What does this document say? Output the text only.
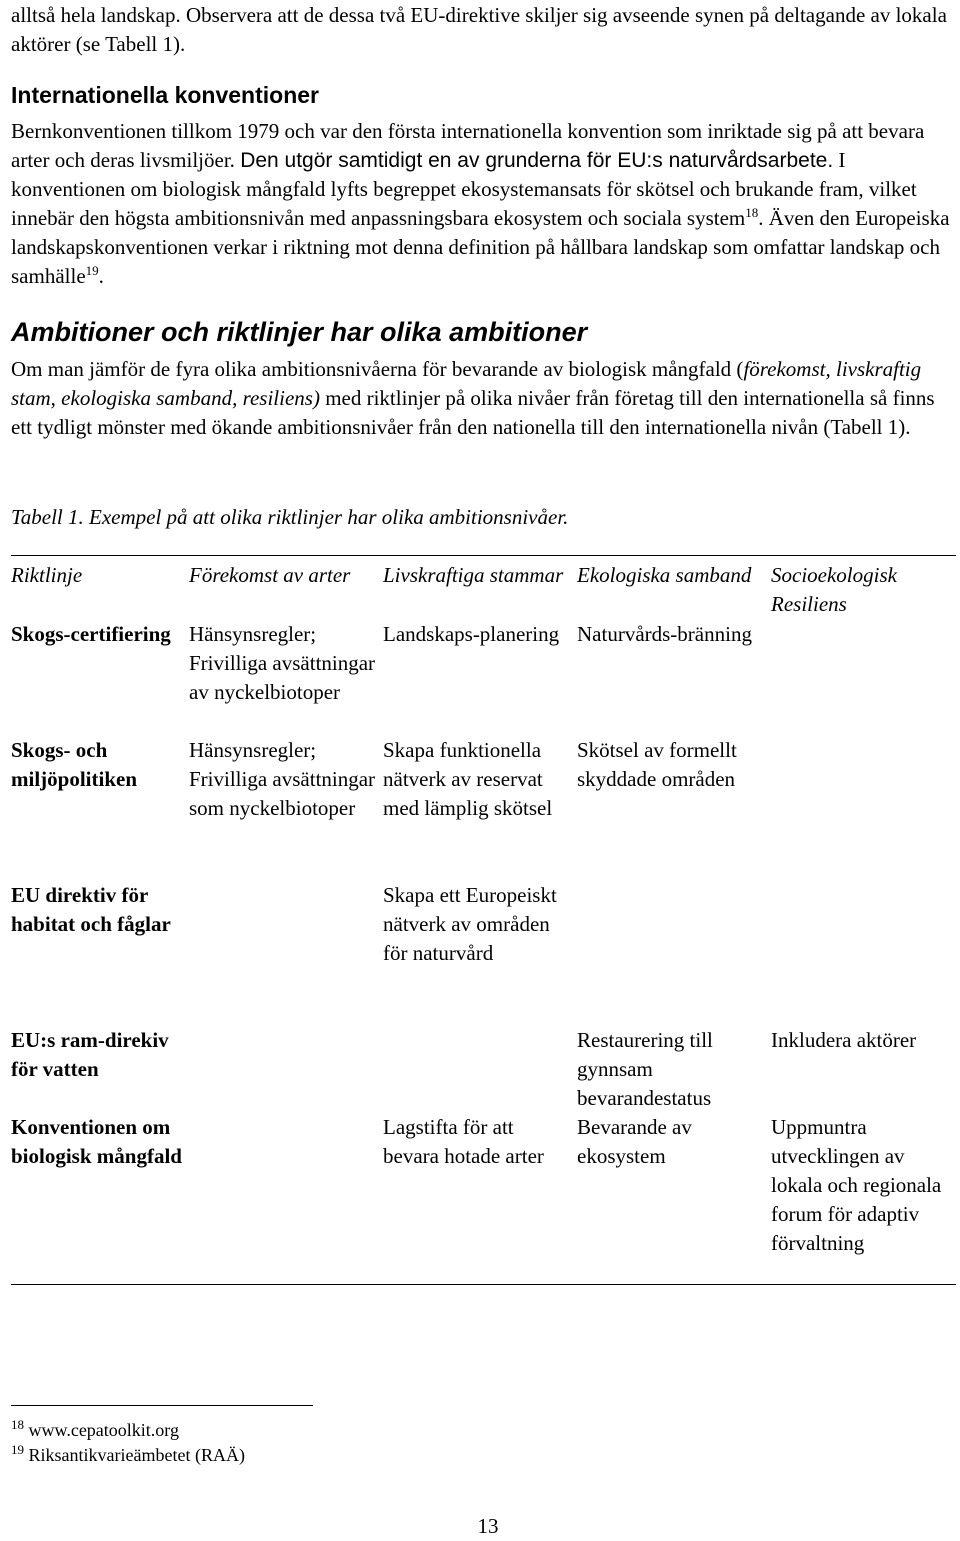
alltså hela landskap. Observera att de dessa två EU-direktive skiljer sig avseende synen på deltagande av lokala aktörer (se Tabell 1).

Internationella konventioner

Bernkonventionen tillkom 1979 och var den första internationella konvention som inriktade sig på att bevara arter och deras livsmiljöer. Den utgör samtidigt en av grunderna för EU:s naturvårdsarbete. I konventionen om biologisk mångfald lyfts begreppet ekosystemansats för skötsel och brukande fram, vilket innebär den högsta ambitionsnivån med anpassningsbara ekosystem och sociala system$^{18}$. Även den Europeiska landskapskonventionen verkar i riktning mot denna definition på hållbara landskap som omfattar landskap och samhälle$^{19}$.

Ambitioner och riktlinjer har olika ambitioner

Om man jämför de fyra olika ambitionsnivåerna för bevarande av biologisk mångfald (förekomst, livskraftig stam, ekologiska samband, resiliens) med riktlinjer på olika nivåer från företag till den internationella så finns ett tydligt mönster med ökande ambitionsnivåer från den nationella till den internationella nivån (Tabell 1).

Tabell 1. Exempel på att olika riktlinjer har olika ambitionsnivåer.

Riktlinje	Förekomst av arter	Livskraftiga stammar Ekologiska samband Socioekologisk Resiliens
Skogs-certifiering Hänsynsregler; Frivilliga avsättningar av nyckelbiotoper
Landskaps-planering Naturvårds-bränning
Skogs- och miljöpolitiken
Hänsynsregler; Frivilliga avsättningar som nyckelbiotoper
Skapa funktionella nätverk av reservat med lämplig skötsel
Skötsel av formellt skyddade områden
EU direktiv för habitat och fåglar
Skapa ett Europeiskt nätverk av områden för naturvård
EU:s ram-direkiv för vatten
Restaurering till gynnsam bevarandestatus
Inkludera aktörer
Konventionen om biologisk mångfald
Lagstifta för att bevara hotade arter
Bevarande av ekosystem
Uppmuntra utvecklingen av lokala och regionala forum för adaptiv förvaltning
$^{18}$ www.cepatoolkit.org
$^{19}$ Riksantikvarieämbetet (RAÄ)
13
